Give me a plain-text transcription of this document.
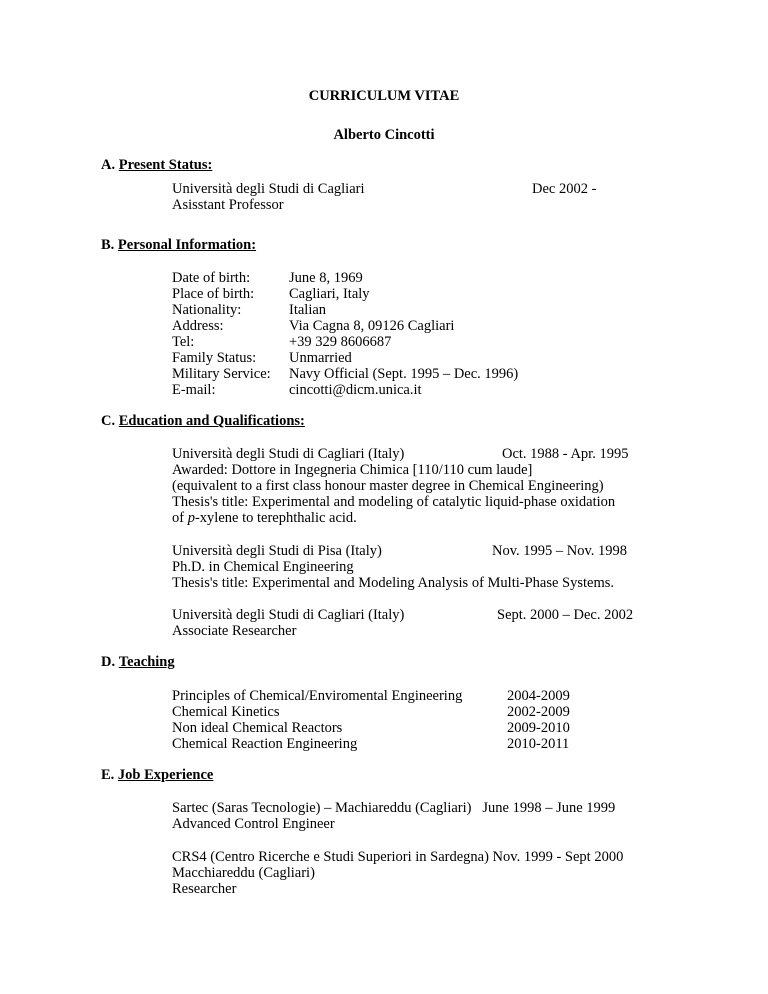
CURRICULUM VITAE
Alberto Cincotti
A. Present Status:
Università degli Studi di Cagliari
Asisstant Professor
Dec 2002 -
B. Personal Information:
Date of birth:
Place of birth:
Nationality:
Address:
Tel:
Family Status:
Military Service:
E-mail:
June 8, 1969
Cagliari, Italy
Italian
Via Cagna 8, 09126 Cagliari
+39 329 8606687
Unmarried
Navy Official (Sept. 1995 – Dec. 1996)
cincotti@dicm.unica.it
C. Education and Qualifications:
Università degli Studi di Cagliari (Italy)
Awarded: Dottore in Ingegneria Chimica [110/110 cum laude]
(equivalent to a first class honour master degree in Chemical Engineering)
Thesis's title: Experimental and modeling of catalytic liquid-phase oxidation
of p-xylene to terephthalic acid.
Oct. 1988 - Apr. 1995
Università degli Studi di Pisa (Italy)
Ph.D. in Chemical Engineering
Thesis's title: Experimental and Modeling Analysis of Multi-Phase Systems.
Nov. 1995 – Nov. 1998
Università degli Studi di Cagliari (Italy)
Associate Researcher
Sept. 2000 – Dec. 2002
D. Teaching
Principles of Chemical/Enviromental Engineering
Chemical Kinetics
Non ideal Chemical Reactors
Chemical Reaction Engineering
2004-2009
2002-2009
2009-2010
2010-2011
E. Job Experience
Sartec (Saras Tecnologie) – Machiareddu (Cagliari) June 1998 – June 1999
Advanced Control Engineer
CRS4 (Centro Ricerche e Studi Superiori in Sardegna) Nov. 1999 - Sept 2000
Macchiareddu (Cagliari)
Researcher
